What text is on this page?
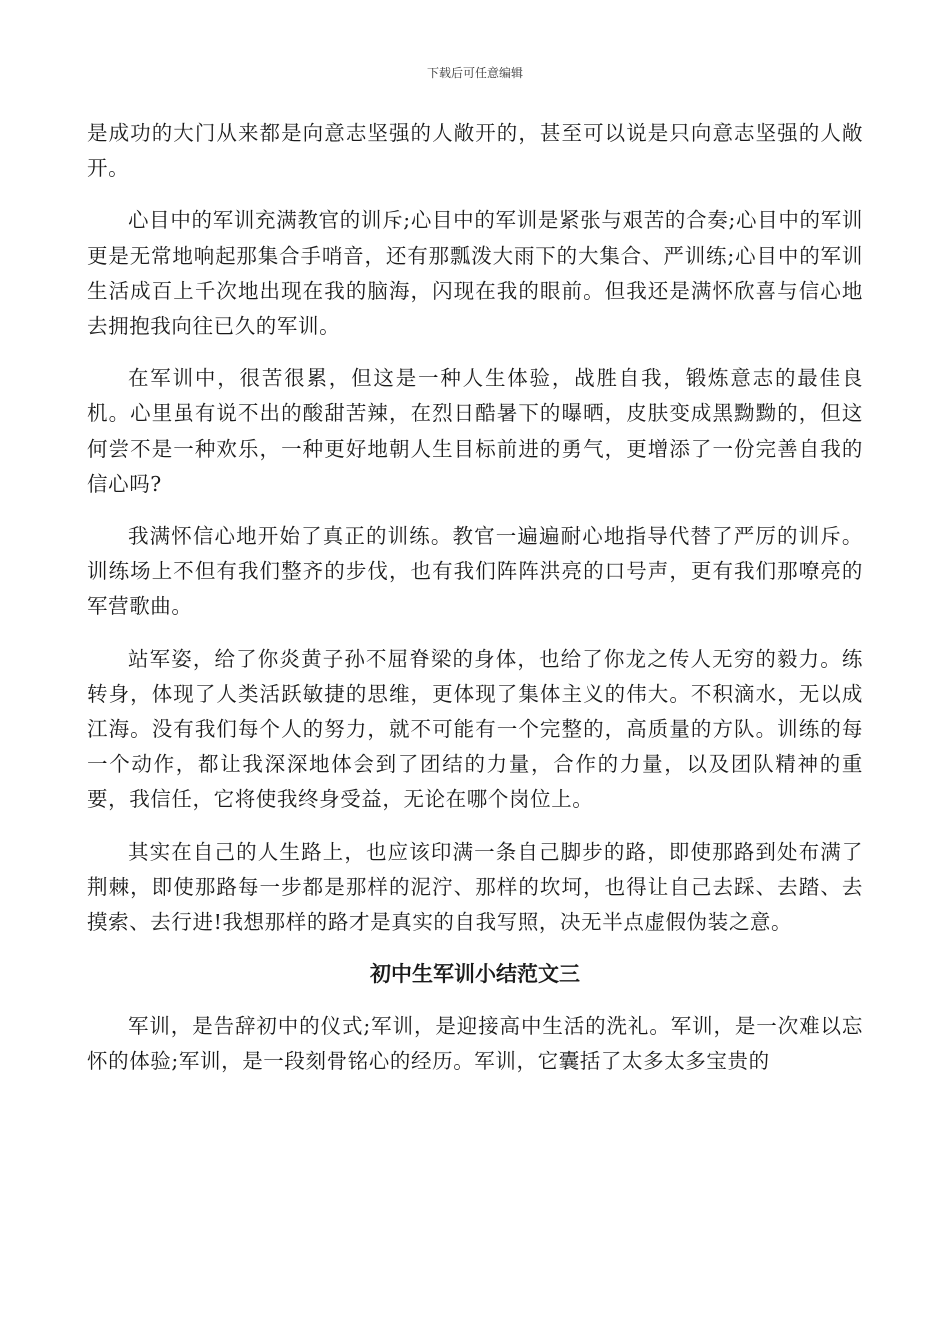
下载后可任意编辑

是成功的大门从来都是向意志坚强的人敞开的，甚至可以说是只向意志坚强的人敞开。

心目中的军训充满教官的训斥;心目中的军训是紧张与艰苦的合奏;心目中的军训更是无常地响起那集合手哨音，还有那瓢泼大雨下的大集合、严训练;心目中的军训生活成百上千次地出现在我的脑海，闪现在我的眼前。但我还是满怀欣喜与信心地去拥抱我向往已久的军训。

在军训中，很苦很累，但这是一种人生体验，战胜自我，锻炼意志的最佳良机。心里虽有说不出的酸甜苦辣，在烈日酷暑下的曝晒，皮肤变成黑黝黝的，但这何尝不是一种欢乐，一种更好地朝人生目标前进的勇气，更增添了一份完善自我的信心吗?

我满怀信心地开始了真正的训练。教官一遍遍耐心地指导代替了严厉的训斥。训练场上不但有我们整齐的步伐，也有我们阵阵洪亮的口号声，更有我们那嘹亮的军营歌曲。

站军姿，给了你炎黄子孙不屈脊梁的身体，也给了你龙之传人无穷的毅力。练转身，体现了人类活跃敏捷的思维，更体现了集体主义的伟大。不积滴水，无以成江海。没有我们每个人的努力，就不可能有一个完整的，高质量的方队。训练的每一个动作，都让我深深地体会到了团结的力量，合作的力量，以及团队精神的重要，我信任，它将使我终身受益，无论在哪个岗位上。

其实在自己的人生路上，也应该印满一条自己脚步的路，即使那路到处布满了荆棘，即使那路每一步都是那样的泥泞、那样的坎坷，也得让自己去踩、去踏、去摸索、去行进!我想那样的路才是真实的自我写照，决无半点虚假伪装之意。

初中生军训小结范文三

军训，是告辞初中的仪式;军训，是迎接高中生活的洗礼。军训，是一次难以忘怀的体验;军训，是一段刻骨铭心的经历。军训，它囊括了太多太多宝贵的
